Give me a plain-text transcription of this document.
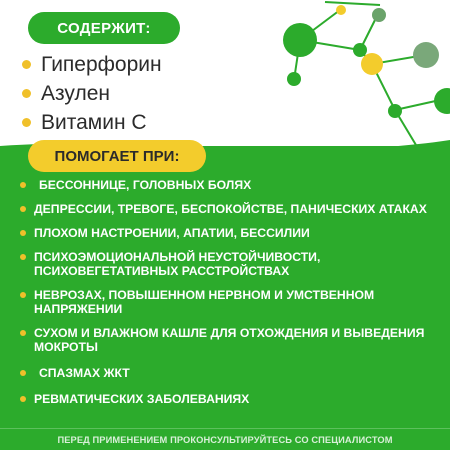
СОДЕРЖИТ:
Гиперфорин
Азулен
Витамин С
ПОМОГАЕТ ПРИ:
БЕССОННИЦЕ, ГОЛОВНЫХ БОЛЯХ
ДЕПРЕССИИ, ТРЕВОГЕ, БЕСПОКОЙСТВЕ, ПАНИЧЕСКИХ АТАКАХ
ПЛОХОМ НАСТРОЕНИИ, АПАТИИ, БЕССИЛИИ
ПСИХОЭМОЦИОНАЛЬНОЙ НЕУСТОЙЧИВОСТИ, ПСИХОВЕГЕТАТИВНЫХ РАССТРОЙСТВАХ
НЕВРОЗАХ, ПОВЫШЕННОМ НЕРВНОМ И УМСТВЕННОМ НАПРЯЖЕНИИ
СУХОМ И ВЛАЖНОМ КАШЛЕ ДЛЯ ОТХОЖДЕНИЯ И ВЫВЕДЕНИЯ МОКРОТЫ
СПАЗМАХ ЖКТ
РЕВМАТИЧЕСКИХ ЗАБОЛЕВАНИЯХ
ПЕРЕД ПРИМЕНЕНИЕМ ПРОКОНСУЛЬТИРУЙТЕСЬ СО СПЕЦИАЛИСТОМ
